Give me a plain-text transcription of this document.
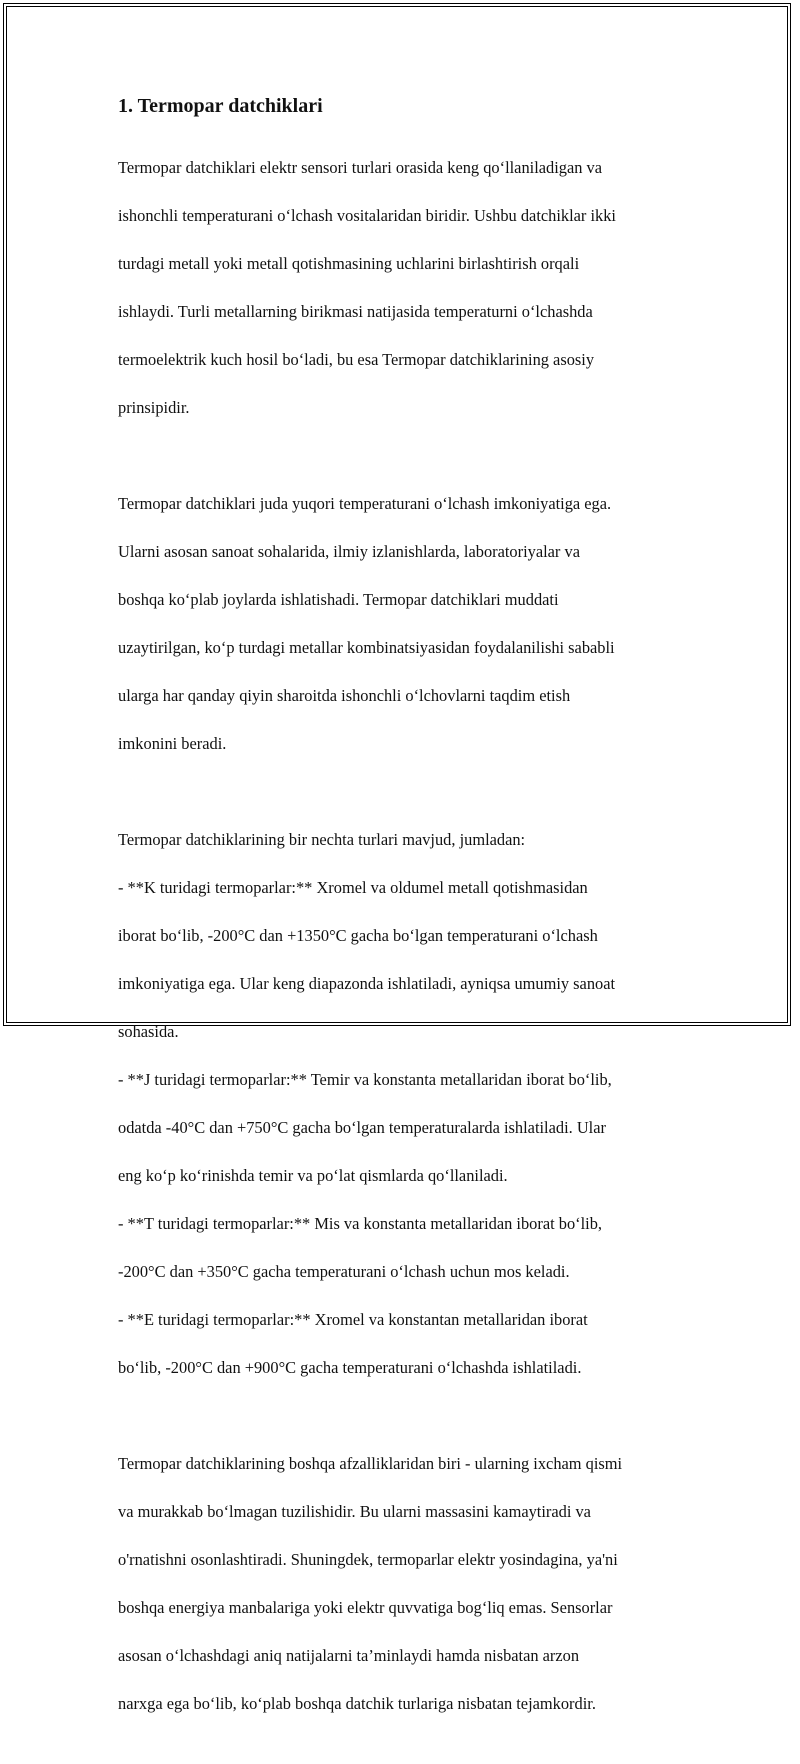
1. Termopar datchiklari

Termopar datchiklari elektr sensori turlari orasida keng qo‘llaniladigan va

ishonchli temperaturani o‘lchash vositalaridan biridir. Ushbu datchiklar ikki

turdagi metall yoki metall qotishmasining uchlarini birlashtirish orqali

ishlaydi. Turli metallarning birikmasi natijasida temperaturni o‘lchashda

termoelektrik kuch hosil bo‘ladi, bu esa Termopar datchiklarining asosiy

prinsipidir.

Termopar datchiklari juda yuqori temperaturani o‘lchash imkoniyatiga ega.

Ularni asosan sanoat sohalarida, ilmiy izlanishlarda, laboratoriyalar va

boshqa ko‘plab joylarda ishlatishadi. Termopar datchiklari muddati

uzaytirilgan, ko‘p turdagi metallar kombinatsiyasidan foydalanilishi sababli

ularga har qanday qiyin sharoitda ishonchli o‘lchovlarni taqdim etish

imkonini beradi.

Termopar datchiklarining bir nechta turlari mavjud, jumladan:

- **K turidagi termoparlar:** Xromel va oldumel metall qotishmasidan

iborat bo‘lib, -200°C dan +1350°C gacha bo‘lgan temperaturani o‘lchash

imkoniyatiga ega. Ular keng diapazonda ishlatiladi, ayniqsa umumiy sanoat

sohasida.

- **J turidagi termoparlar:** Temir va konstanta metallaridan iborat bo‘lib,

odatda -40°C dan +750°C gacha bo‘lgan temperaturalarda ishlatiladi. Ular

eng ko‘p ko‘rinishda temir va po‘lat qismlarda qo‘llaniladi.

- **T turidagi termoparlar:** Mis va konstanta metallaridan iborat bo‘lib,

-200°C dan +350°C gacha temperaturani o‘lchash uchun mos keladi.

- **E turidagi termoparlar:** Xromel va konstantan metallaridan iborat

bo‘lib, -200°C dan +900°C gacha temperaturani o‘lchashda ishlatiladi.

Termopar datchiklarining boshqa afzalliklaridan biri - ularning ixcham qismi

va murakkab bo‘lmagan tuzilishidir. Bu ularni massasini kamaytiradi va

o'rnatishni osonlashtiradi. Shuningdek, termoparlar elektr yosindagina, ya'ni

boshqa energiya manbalariga yoki elektr quvvatiga bog‘liq emas. Sensorlar

asosan o‘lchashdagi aniq natijalarni ta’minlaydi hamda nisbatan arzon

narxga ega bo‘lib, ko‘plab boshqa datchik turlariga nisbatan tejamkordir.
